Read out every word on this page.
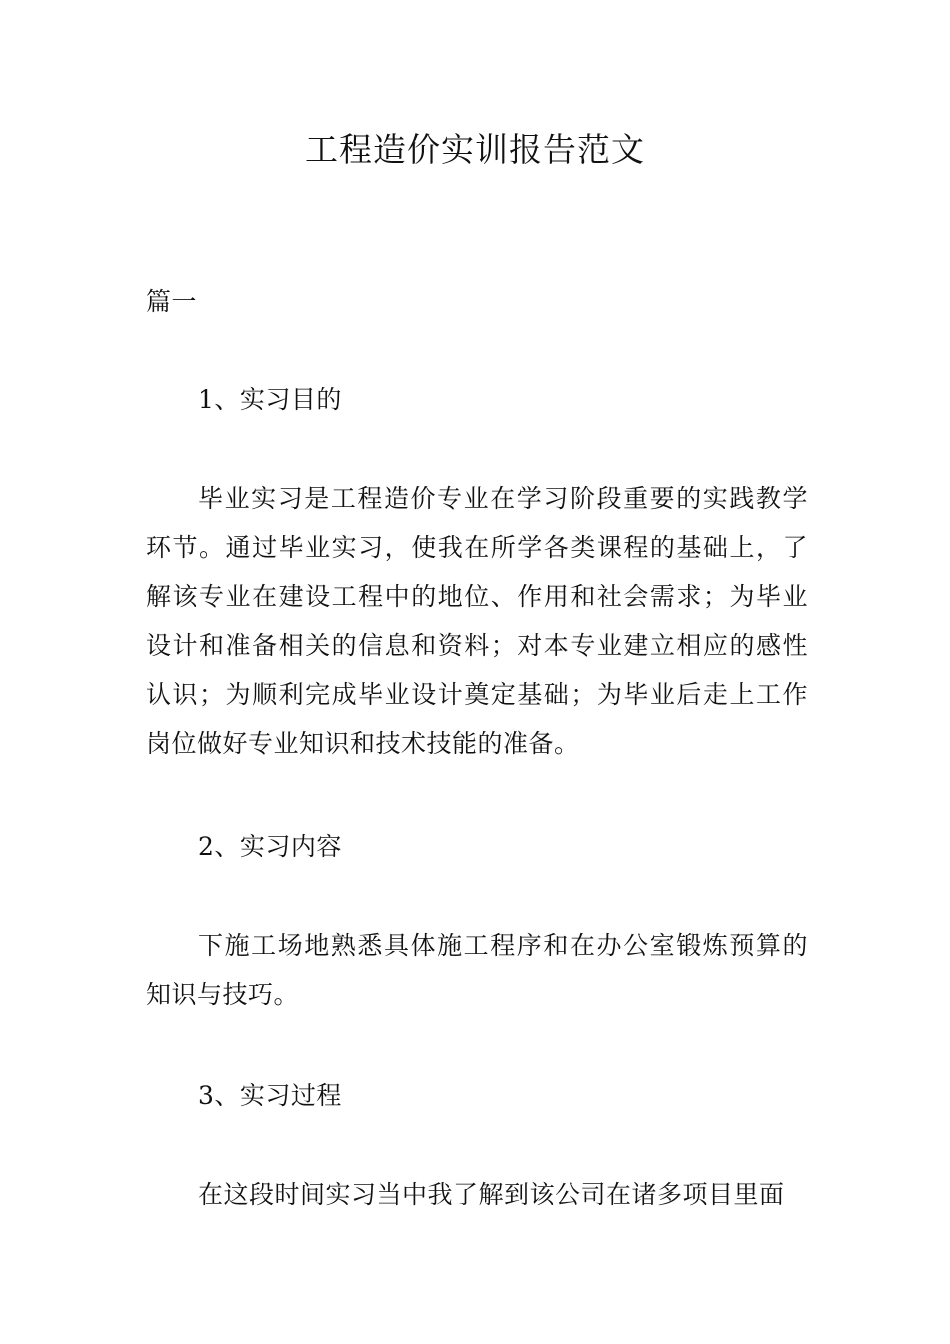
工程造价实训报告范文

篇一

1、实习目的

毕业实习是工程造价专业在学习阶段重要的实践教学环节。通过毕业实习，使我在所学各类课程的基础上，了解该专业在建设工程中的地位、作用和社会需求；为毕业设计和准备相关的信息和资料；对本专业建立相应的感性认识；为顺利完成毕业设计奠定基础；为毕业后走上工作岗位做好专业知识和技术技能的准备。

2、实习内容

下施工场地熟悉具体施工程序和在办公室锻炼预算的知识与技巧。

3、实习过程

在这段时间实习当中我了解到该公司在诸多项目里面
